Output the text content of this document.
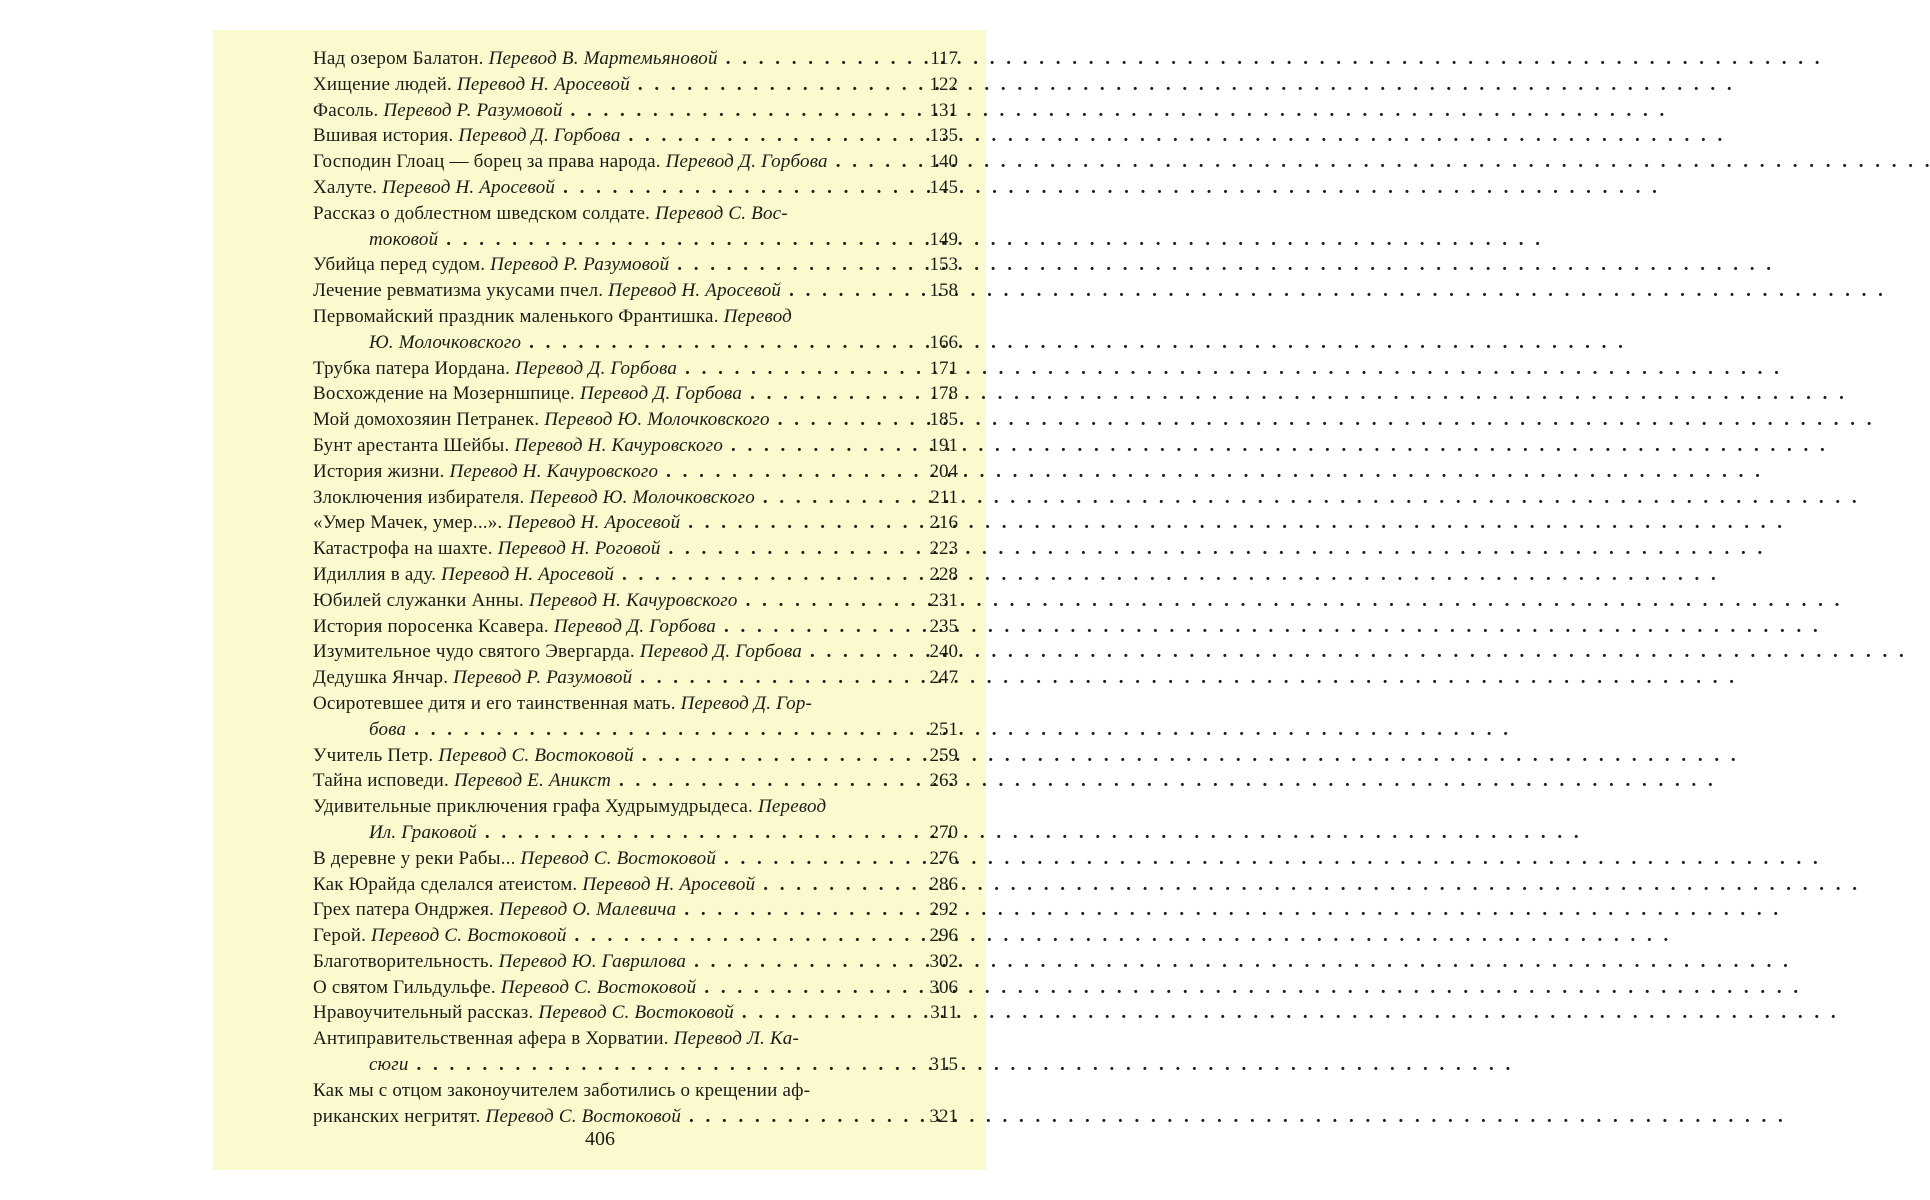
Над озером Балатон. Перевод В. Мартемьяновой . . .	117
Хищение людей. Перевод Н. Аросевой . . .	122
Фасоль. Перевод Р. Разумовой . . .	131
Вшивая история. Перевод Д. Горбова . . .	135
Господин Глоац — борец за права народа. Перевод Д. Горбова . . .	140
Халуте. Перевод Н. Аросевой . . .	145
Рассказ о доблестном шведском солдате. Перевод С. Вос-
токовой . . .	149
Убийца перед судом. Перевод Р. Разумовой . . .	153
Лечение ревматизма укусами пчел. Перевод Н. Аросевой . . .	158
Первомайский праздник маленького Франтишка. Перевод
Ю. Молочковского . . .	166
Трубка патера Иордана. Перевод Д. Горбова . . .	171
Восхождение на Мозерншпице. Перевод Д. Горбова . . .	178
Мой домохозяин Петранек. Перевод Ю. Молочковского . . .	185
Бунт арестанта Шейбы. Перевод Н. Качуровского . . .	191
История жизни. Перевод Н. Качуровского . . .	204
Злоключения избирателя. Перевод Ю. Молочковского . . .	211
«Умер Мачек, умер...». Перевод Н. Аросевой . . .	216
Катастрофа на шахте. Перевод Н. Роговой . . .	223
Идиллия в аду. Перевод Н. Аросевой . . .	228
Юбилей служанки Анны. Перевод Н. Качуровского . . .	231
История поросенка Ксавера. Перевод Д. Горбова . . .	235
Изумительное чудо святого Эвергарда. Перевод Д. Горбова . . .	240
Дедушка Янчар. Перевод Р. Разумовой . . .	247
Осиротевшее дитя и его таинственная мать. Перевод Д. Гор-
бова . . .	251
Учитель Петр. Перевод С. Востоковой . . .	259
Тайна исповеди. Перевод Е. Аникст . . .	263
Удивительные приключения графа Худрымудрыдеса. Перевод
Ил. Граковой . . .	270
В деревне у реки Рабы... Перевод С. Востоковой . . .	276
Как Юрайда сделался атеистом. Перевод Н. Аросевой . . .	286
Грех патера Ондржея. Перевод О. Малевича . . .	292
Герой. Перевод С. Востоковой . . .	296
Благотворительность. Перевод Ю. Гаврилова . . .	302
О святом Гильдульфе. Перевод С. Востоковой . . .	306
Нравоучительный рассказ. Перевод С. Востоковой . . .	311
Антиправительственная афера в Хорватии. Перевод Л. Ка-
сюги . . .	315
Как мы с отцом законоучителем заботились о крещении аф-
риканских негритят. Перевод С. Востоковой . . .	321
406
